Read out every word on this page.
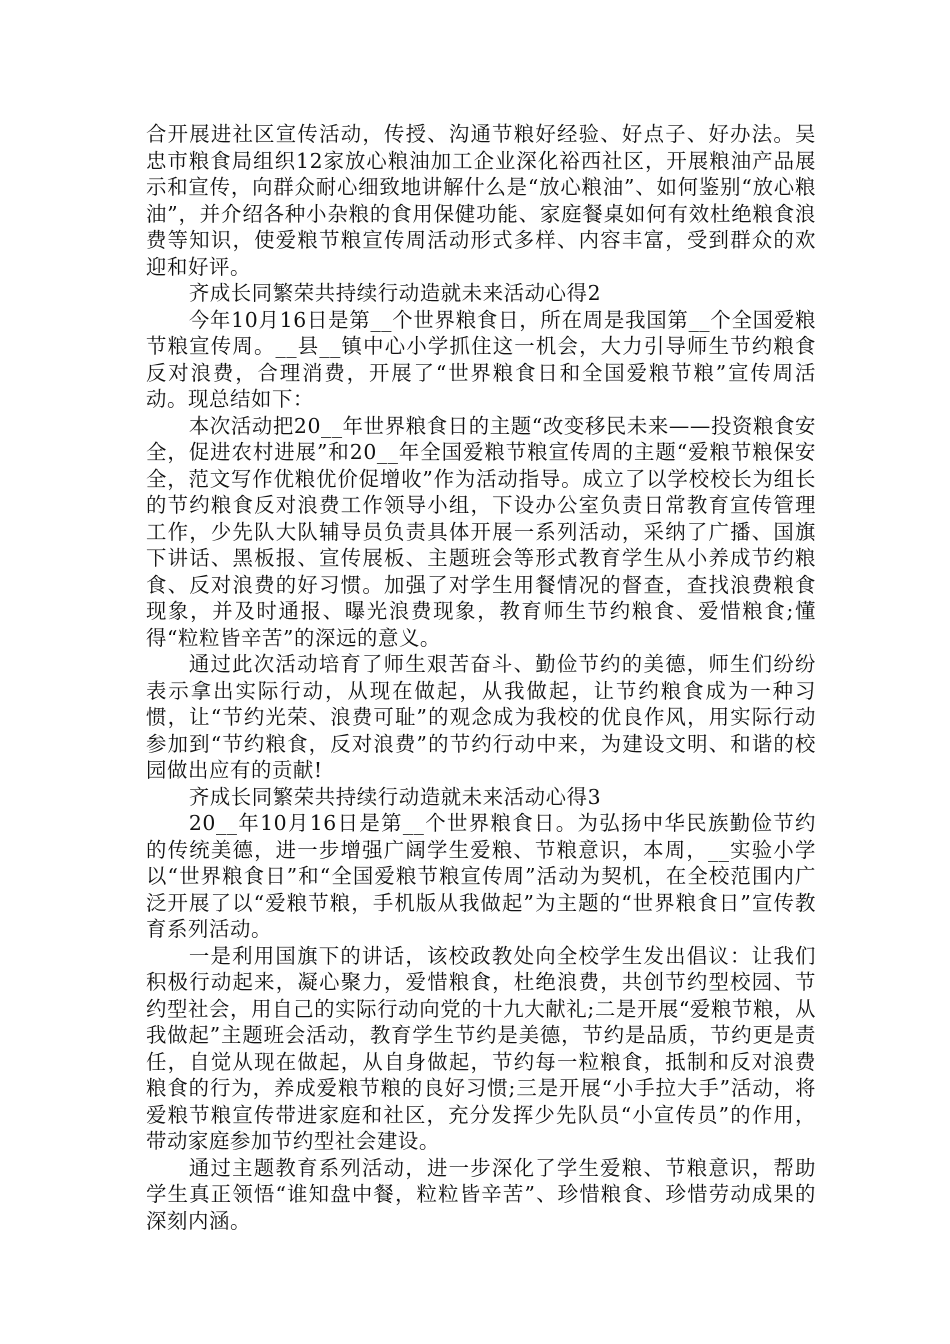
合开展进社区宣传活动，传授、沟通节粮好经验、好点子、好办法。吴忠市粮食局组织12家放心粮油加工企业深化裕西社区，开展粮油产品展示和宣传，向群众耐心细致地讲解什么是“放心粮油”、如何鉴别“放心粮油”，并介绍各种小杂粮的食用保健功能、家庭餐桌如何有效杜绝粮食浪费等知识，使爱粮节粮宣传周活动形式多样、内容丰富，受到群众的欢迎和好评。

齐成长同繁荣共持续行动造就未来活动心得2

今年10月16日是第__个世界粮食日，所在周是我国第__个全国爱粮节粮宣传周。__县__镇中心小学抓住这一机会，大力引导师生节约粮食反对浪费，合理消费，开展了“世界粮食日和全国爱粮节粮”宣传周活动。现总结如下：

本次活动把20__年世界粮食日的主题“改变移民未来——投资粮食安全，促进农村进展”和20__年全国爱粮节粮宣传周的主题“爱粮节粮保安全，范文写作优粮优价促增收”作为活动指导。成立了以学校校长为组长的节约粮食反对浪费工作领导小组，下设办公室负责日常教育宣传管理工作，少先队大队辅导员负责具体开展一系列活动，采纳了广播、国旗下讲话、黑板报、宣传展板、主题班会等形式教育学生从小养成节约粮食、反对浪费的好习惯。加强了对学生用餐情况的督查，查找浪费粮食现象，并及时通报、曝光浪费现象，教育师生节约粮食、爱惜粮食;懂得“粒粒皆辛苦”的深远的意义。

通过此次活动培育了师生艰苦奋斗、勤俭节约的美德，师生们纷纷表示拿出实际行动，从现在做起，从我做起，让节约粮食成为一种习惯，让“节约光荣、浪费可耻”的观念成为我校的优良作风，用实际行动参加到“节约粮食，反对浪费”的节约行动中来，为建设文明、和谐的校园做出应有的贡献!

齐成长同繁荣共持续行动造就未来活动心得3

20__年10月16日是第__个世界粮食日。为弘扬中华民族勤俭节约的传统美德，进一步增强广阔学生爱粮、节粮意识，本周，__实验小学以“世界粮食日”和“全国爱粮节粮宣传周”活动为契机，在全校范围内广泛开展了以“爱粮节粮，手机版从我做起”为主题的“世界粮食日”宣传教育系列活动。

一是利用国旗下的讲话，该校政教处向全校学生发出倡议：让我们积极行动起来，凝心聚力，爱惜粮食，杜绝浪费，共创节约型校园、节约型社会，用自己的实际行动向党的十九大献礼;二是开展“爱粮节粮，从我做起”主题班会活动，教育学生节约是美德，节约是品质，节约更是责任，自觉从现在做起，从自身做起，节约每一粒粮食，抵制和反对浪费粮食的行为，养成爱粮节粮的良好习惯;三是开展“小手拉大手”活动，将爱粮节粮宣传带进家庭和社区，充分发挥少先队员“小宣传员”的作用，带动家庭参加节约型社会建设。

通过主题教育系列活动，进一步深化了学生爱粮、节粮意识，帮助学生真正领悟“谁知盘中餐，粒粒皆辛苦”、珍惜粮食、珍惜劳动成果的深刻内涵。
